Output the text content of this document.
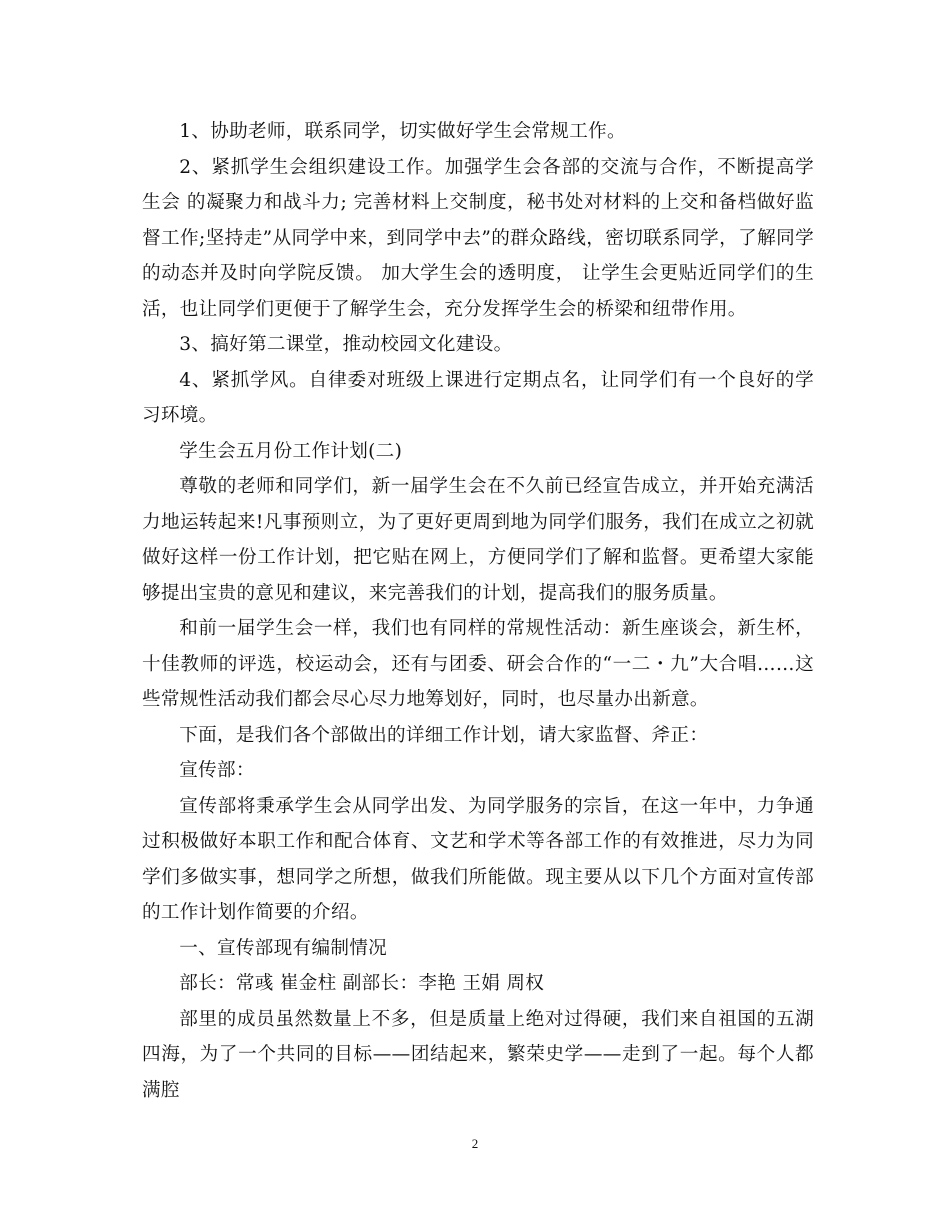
1、协助老师，联系同学，切实做好学生会常规工作。

2、紧抓学生会组织建设工作。加强学生会各部的交流与合作，不断提高学生会 的凝聚力和战斗力; 完善材料上交制度，秘书处对材料的上交和备档做好监督工作;坚持走”从同学中来，到同学中去”的群众路线，密切联系同学，了解同学 的动态并及时向学院反馈。 加大学生会的透明度， 让学生会更贴近同学们的生活，也让同学们更便于了解学生会，充分发挥学生会的桥梁和纽带作用。

3、搞好第二课堂，推动校园文化建设。

4、紧抓学风。自律委对班级上课进行定期点名，让同学们有一个良好的学习环境。

学生会五月份工作计划(二)

尊敬的老师和同学们，新一届学生会在不久前已经宣告成立，并开始充满活力地运转起来!凡事预则立，为了更好更周到地为同学们服务，我们在成立之初就做好这样一份工作计划，把它贴在网上，方便同学们了解和监督。更希望大家能够提出宝贵的意见和建议，来完善我们的计划，提高我们的服务质量。

和前一届学生会一样，我们也有同样的常规性活动：新生座谈会，新生杯，十佳教师的评选，校运动会，还有与团委、研会合作的“一二・九”大合唱……这些常规性活动我们都会尽心尽力地筹划好，同时，也尽量办出新意。

下面，是我们各个部做出的详细工作计划，请大家监督、斧正：

宣传部：

宣传部将秉承学生会从同学出发、为同学服务的宗旨，在这一年中，力争通过积极做好本职工作和配合体育、文艺和学术等各部工作的有效推进，尽力为同学们多做实事，想同学之所想，做我们所能做。现主要从以下几个方面对宣传部的工作计划作简要的介绍。

一、宣传部现有编制情况

部长：常彧 崔金柱 副部长：李艳 王娟 周权

部里的成员虽然数量上不多，但是质量上绝对过得硬，我们来自祖国的五湖四海，为了一个共同的目标——团结起来，繁荣史学——走到了一起。每个人都满腔

2
